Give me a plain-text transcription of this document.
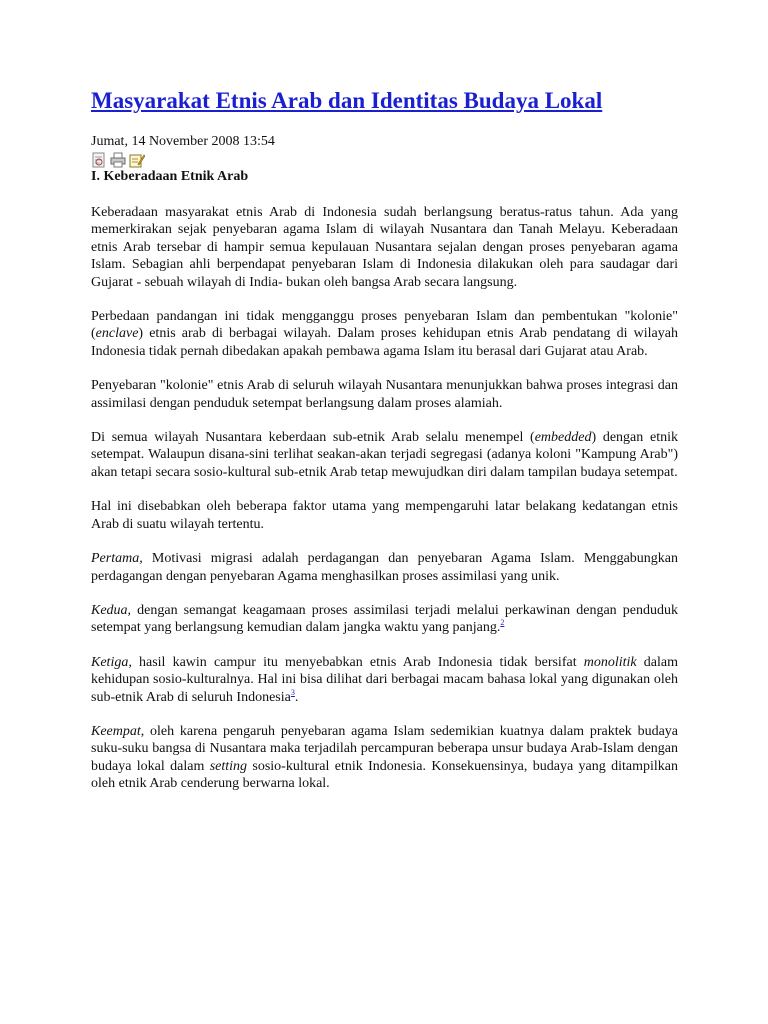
Masyarakat Etnis Arab dan Identitas Budaya Lokal
Jumat, 14 November 2008 13:54
I. Keberadaan Etnik Arab

Keberadaan masyarakat etnis Arab di Indonesia sudah berlangsung beratus-ratus tahun. Ada yang memerkirakan sejak penyebaran agama Islam di wilayah Nusantara dan Tanah Melayu. Keberadaan etnis Arab tersebar di hampir semua kepulauan Nusantara sejalan dengan proses penyebaran agama Islam. Sebagian ahli berpendapat penyebaran Islam di Indonesia dilakukan oleh para saudagar dari Gujarat - sebuah wilayah di India- bukan oleh bangsa Arab secara langsung.

Perbedaan pandangan ini tidak mengganggu proses penyebaran Islam dan pembentukan "kolonie" (enclave) etnis arab di berbagai wilayah. Dalam proses kehidupan etnis Arab pendatang di wilayah Indonesia tidak pernah dibedakan apakah pembawa agama Islam itu berasal dari Gujarat atau Arab.

Penyebaran "kolonie" etnis Arab di seluruh wilayah Nusantara menunjukkan bahwa proses integrasi dan assimilasi dengan penduduk setempat berlangsung dalam proses alamiah.

Di semua wilayah Nusantara keberdaan sub-etnik Arab selalu menempel (embedded) dengan etnik setempat. Walaupun disana-sini terlihat seakan-akan terjadi segregasi (adanya koloni "Kampung Arab") akan tetapi secara sosio-kultural sub-etnik Arab tetap mewujudkan diri dalam tampilan budaya setempat.

Hal ini disebabkan oleh beberapa faktor utama yang mempengaruhi latar belakang kedatangan etnis Arab di suatu wilayah tertentu.

Pertama, Motivasi migrasi adalah perdagangan dan penyebaran Agama Islam. Menggabungkan perdagangan dengan penyebaran Agama menghasilkan proses assimilasi yang unik.

Kedua, dengan semangat keagamaan proses assimilasi terjadi melalui perkawinan dengan penduduk setempat yang berlangsung kemudian dalam jangka waktu yang panjang.$^2$

Ketiga, hasil kawin campur itu menyebabkan etnis Arab Indonesia tidak bersifat monolitik dalam kehidupan sosio-kulturalnya. Hal ini bisa dilihat dari berbagai macam bahasa lokal yang digunakan oleh sub-etnik Arab di seluruh Indonesia$^3$.

Keempat, oleh karena pengaruh penyebaran agama Islam sedemikian kuatnya dalam praktek budaya suku-suku bangsa di Nusantara maka terjadilah percampuran beberapa unsur budaya Arab-Islam dengan budaya lokal dalam setting sosio-kultural etnik Indonesia. Konsekuensinya, budaya yang ditampilkan oleh etnik Arab cenderung berwarna lokal.
